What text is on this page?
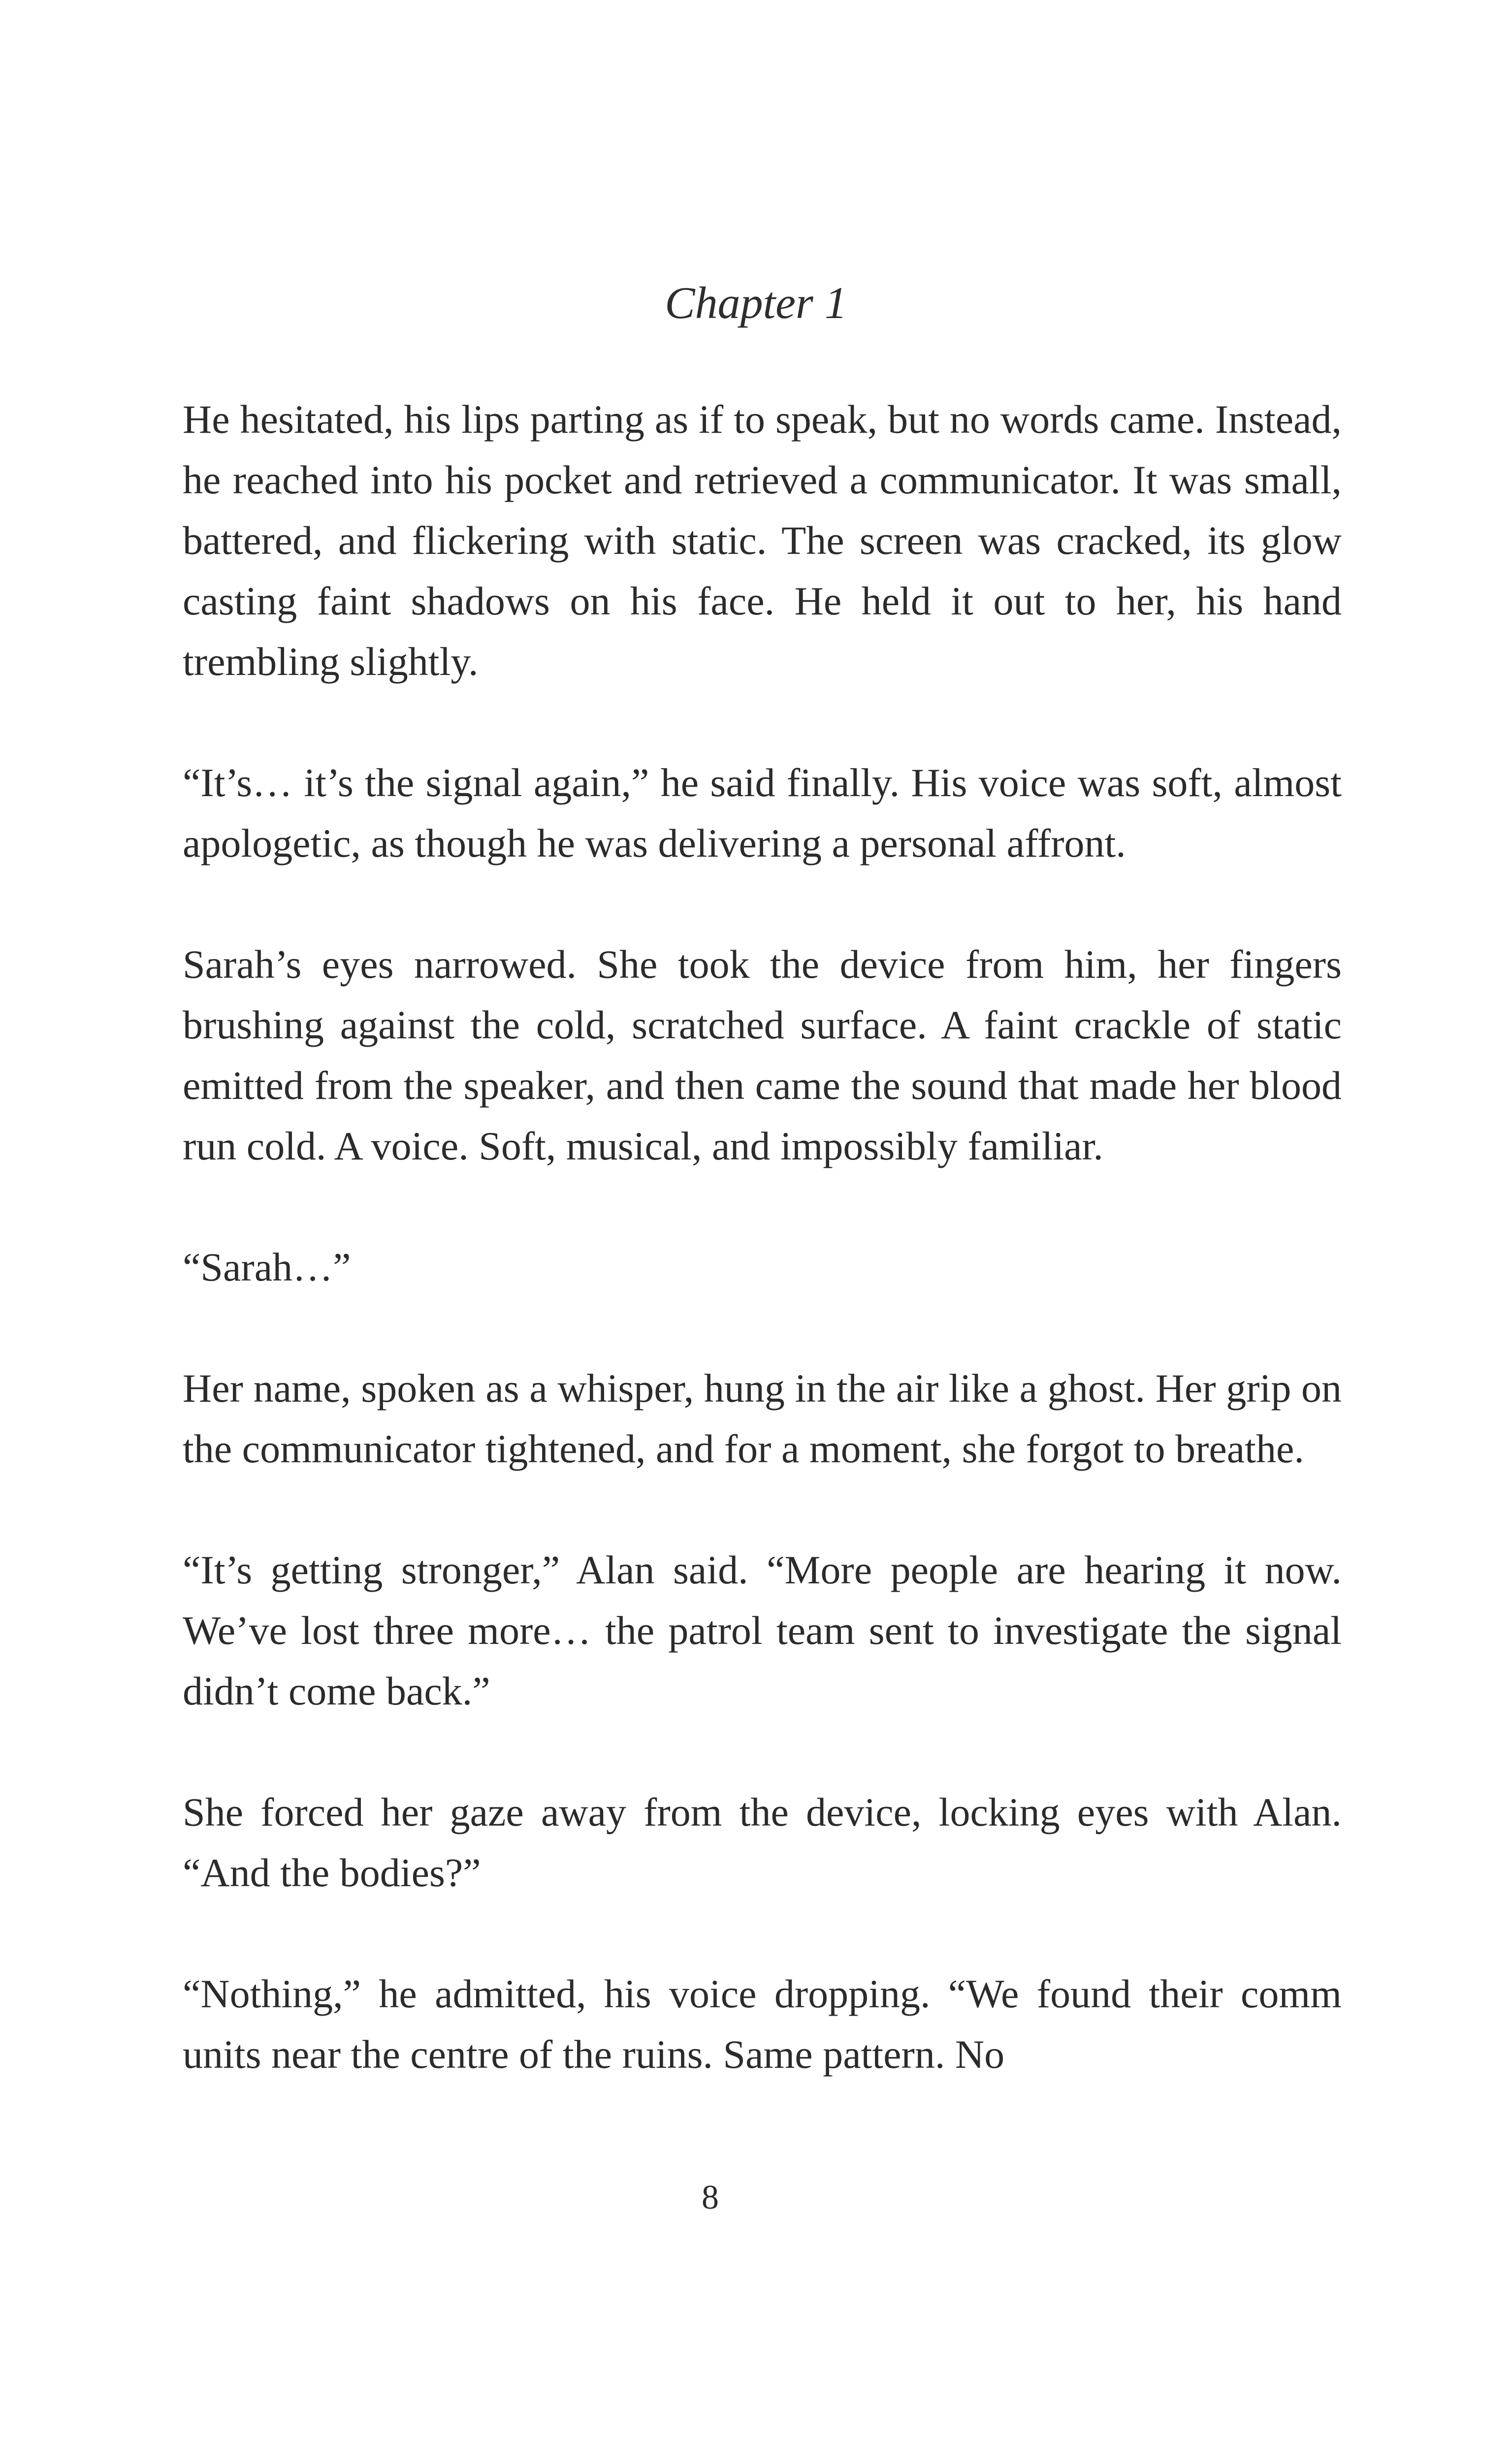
Chapter 1

He hesitated, his lips parting as if to speak, but no words came. Instead, he reached into his pocket and retrieved a communicator. It was small, battered, and flickering with static. The screen was cracked, its glow casting faint shadows on his face. He held it out to her, his hand trembling slightly.

“It’s… it’s the signal again,” he said finally. His voice was soft, almost apologetic, as though he was delivering a personal affront.

Sarah’s eyes narrowed. She took the device from him, her fingers brushing against the cold, scratched surface. A faint crackle of static emitted from the speaker, and then came the sound that made her blood run cold. A voice. Soft, musical, and impossibly familiar.

“Sarah…”

Her name, spoken as a whisper, hung in the air like a ghost. Her grip on the communicator tightened, and for a moment, she forgot to breathe.

“It’s getting stronger,” Alan said. “More people are hearing it now. We’ve lost three more… the patrol team sent to investigate the signal didn’t come back.”

She forced her gaze away from the device, locking eyes with Alan. “And the bodies?”

“Nothing,” he admitted, his voice dropping. “We found their comm units near the centre of the ruins. Same pattern. No

8
